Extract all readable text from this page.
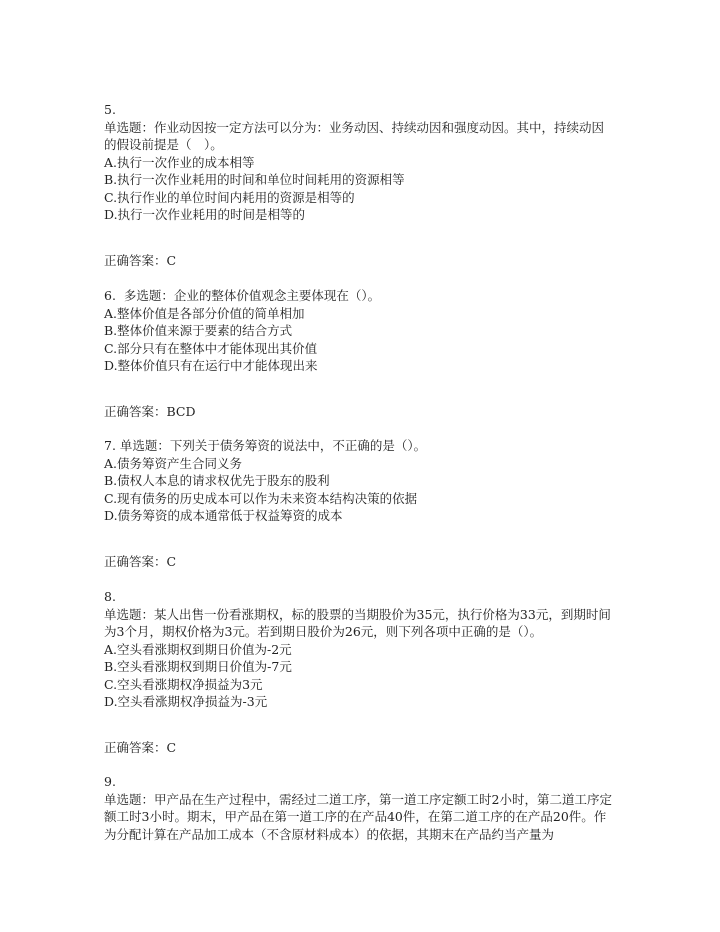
5.
单选题：作业动因按一定方法可以分为：业务动因、持续动因和强度动因。其中，持续动因的假设前提是（　）。
A.执行一次作业的成本相等
B.执行一次作业耗用的时间和单位时间耗用的资源相等
C.执行作业的单位时间内耗用的资源是相等的
D.执行一次作业耗用的时间是相等的
正确答案：C
6. 多选题：企业的整体价值观念主要体现在（）。
A.整体价值是各部分价值的简单相加
B.整体价值来源于要素的结合方式
C.部分只有在整体中才能体现出其价值
D.整体价值只有在运行中才能体现出来
正确答案：BCD
7. 单选题：下列关于债务筹资的说法中，不正确的是（）。
A.债务筹资产生合同义务
B.债权人本息的请求权优先于股东的股利
C.现有债务的历史成本可以作为未来资本结构决策的依据
D.债务筹资的成本通常低于权益筹资的成本
正确答案：C
8.
单选题：某人出售一份看涨期权，标的股票的当期股价为35元，执行价格为33元，到期时间为3个月，期权价格为3元。若到期日股价为26元，则下列各项中正确的是（）。
A.空头看涨期权到期日价值为-2元
B.空头看涨期权到期日价值为-7元
C.空头看涨期权净损益为3元
D.空头看涨期权净损益为-3元
正确答案：C
9.
单选题：甲产品在生产过程中，需经过二道工序，第一道工序定额工时2小时，第二道工序定额工时3小时。期末，甲产品在第一道工序的在产品40件，在第二道工序的在产品20件。作为分配计算在产品加工成本（不含原材料成本）的依据，其期末在产品约当产量为
